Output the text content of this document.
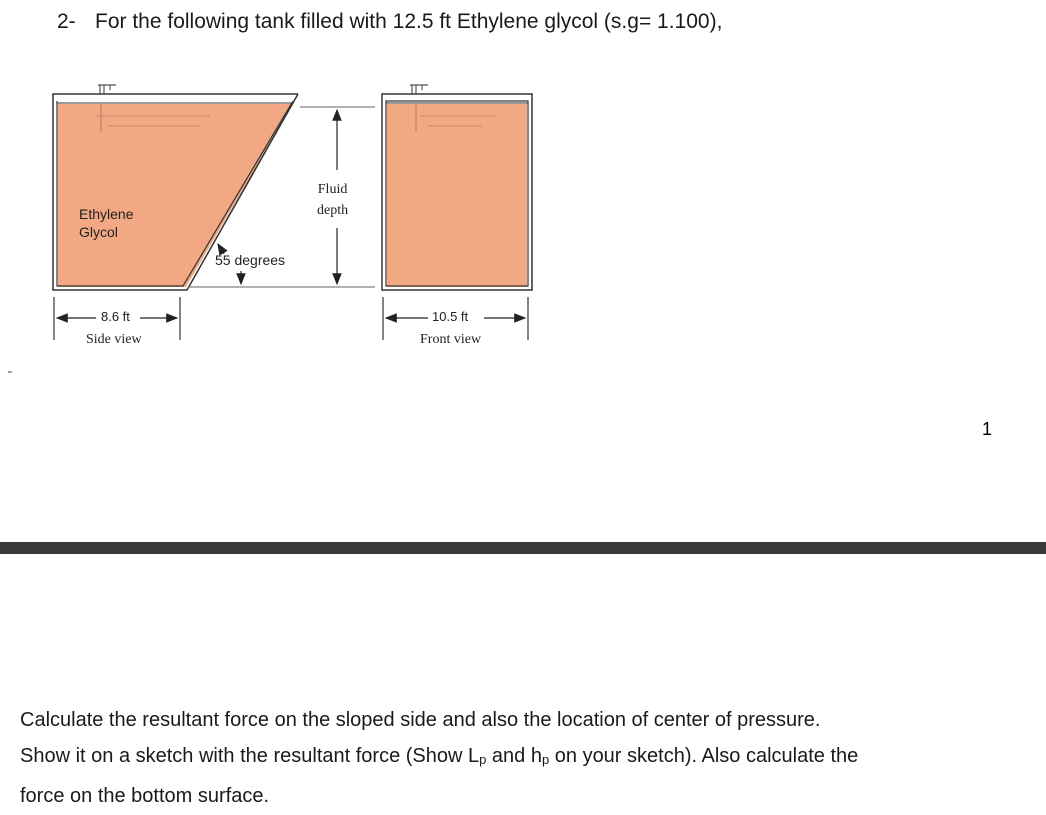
2- For the following tank filled with 12.5 ft Ethylene glycol (s.g= 1.100),
Ethylene
Glycol
Fluid
depth
55 degrees
8.6 ft
Side view
10.5 ft
Front view
1
Calculate the resultant force on the sloped side and also the location of center of pressure.
Show it on a sketch with the resultant force (Show Lp and hp on your sketch). Also calculate the
force on the bottom surface.
